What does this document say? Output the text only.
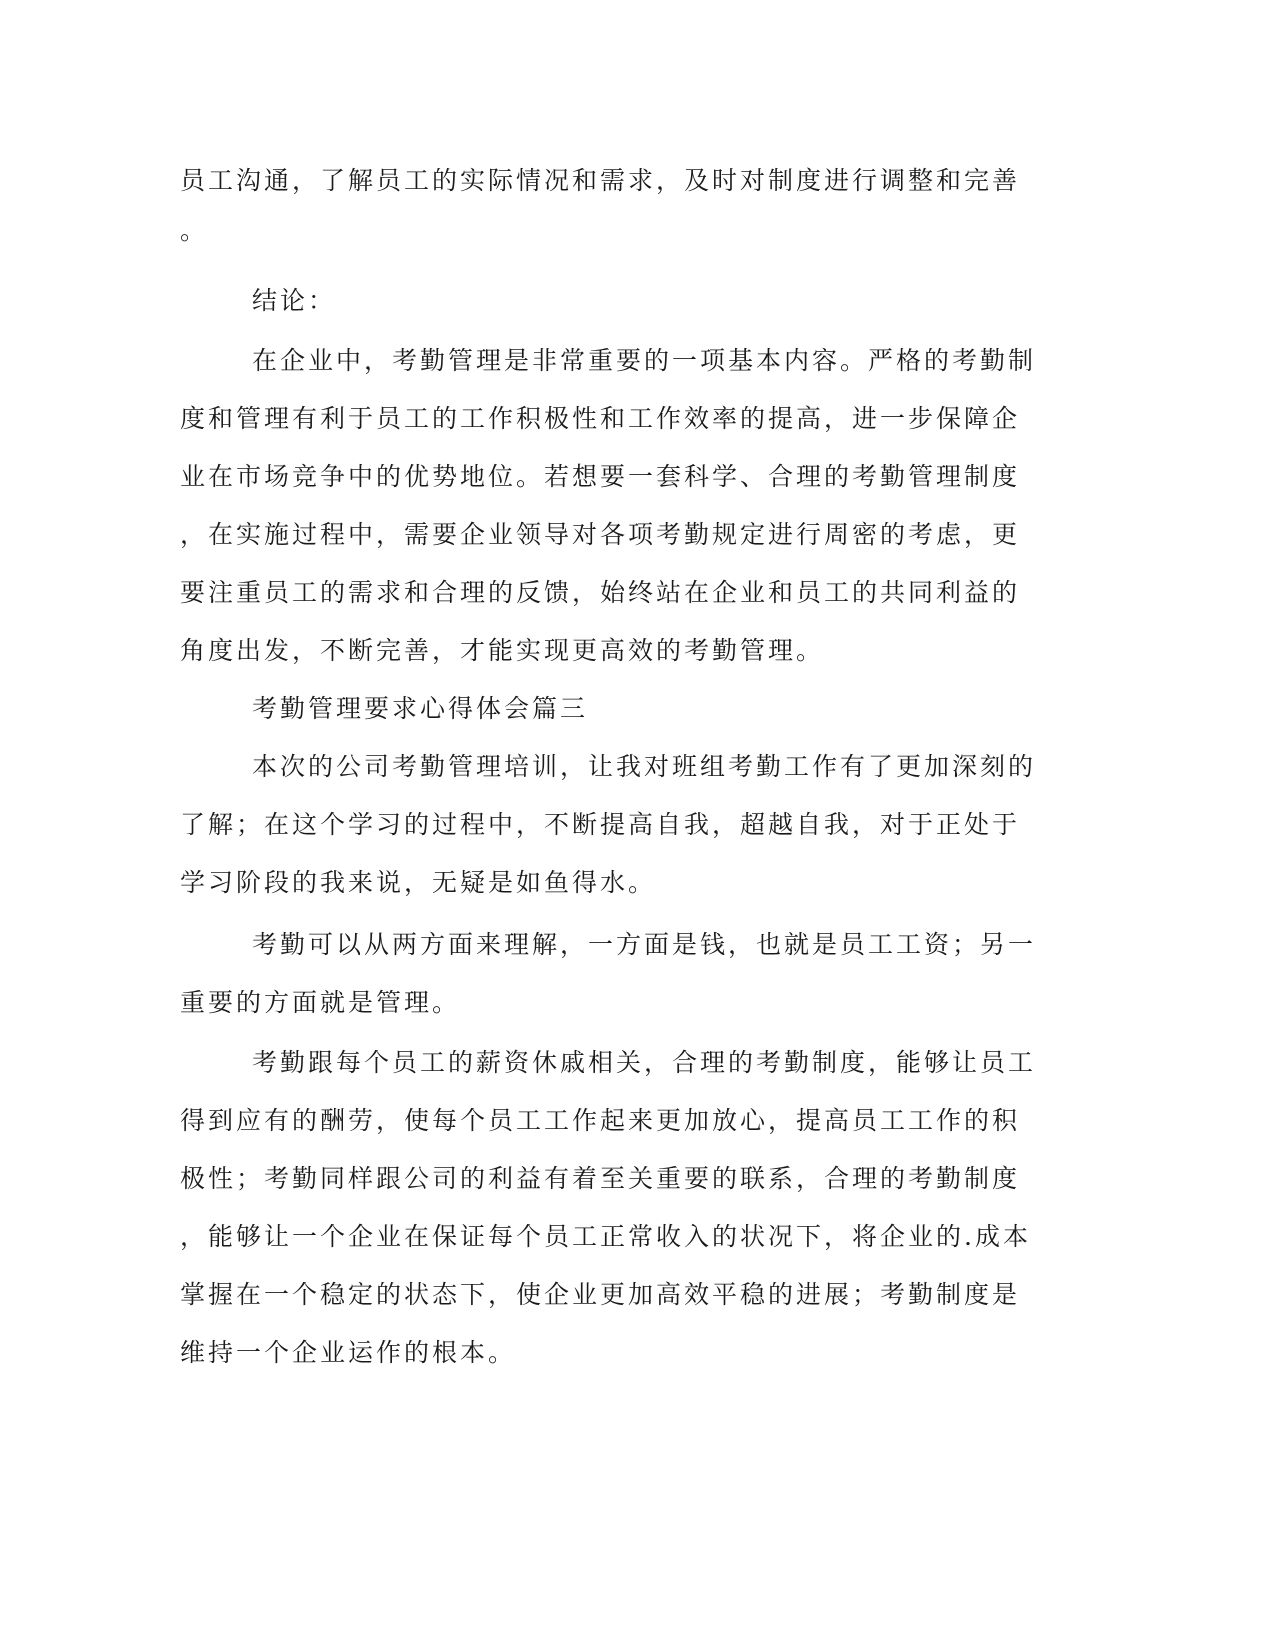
员工沟通，了解员工的实际情况和需求，及时对制度进行调整和完善
。
结论：
在企业中，考勤管理是非常重要的一项基本内容。严格的考勤制
度和管理有利于员工的工作积极性和工作效率的提高，进一步保障企
业在市场竞争中的优势地位。若想要一套科学、合理的考勤管理制度
，在实施过程中，需要企业领导对各项考勤规定进行周密的考虑，更
要注重员工的需求和合理的反馈，始终站在企业和员工的共同利益的
角度出发，不断完善，才能实现更高效的考勤管理。
考勤管理要求心得体会篇三
本次的公司考勤管理培训，让我对班组考勤工作有了更加深刻的
了解；在这个学习的过程中，不断提高自我，超越自我，对于正处于
学习阶段的我来说，无疑是如鱼得水。
考勤可以从两方面来理解，一方面是钱，也就是员工工资；另一
重要的方面就是管理。
考勤跟每个员工的薪资休戚相关，合理的考勤制度，能够让员工
得到应有的酬劳，使每个员工工作起来更加放心，提高员工工作的积
极性；考勤同样跟公司的利益有着至关重要的联系，合理的考勤制度
，能够让一个企业在保证每个员工正常收入的状况下，将企业的.成本
掌握在一个稳定的状态下，使企业更加高效平稳的进展；考勤制度是
维持一个企业运作的根本。
